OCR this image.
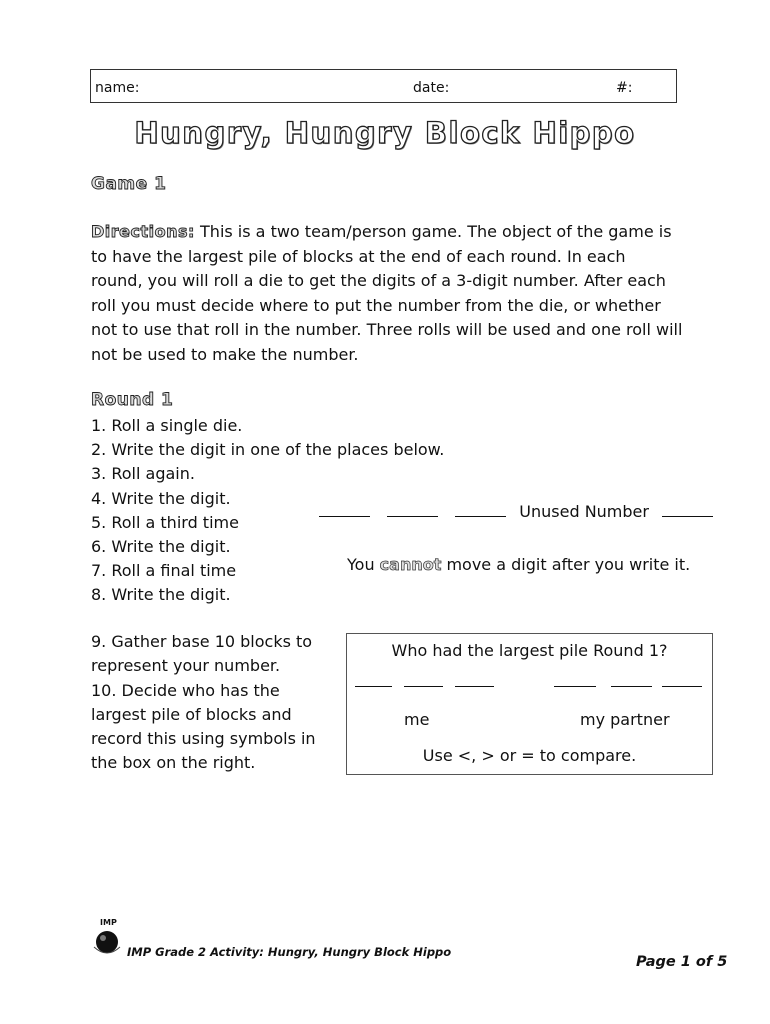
name:	date:	#:
Hungry, Hungry Block Hippo
Game 1

Directions: This is a two team/person game. The object of the game is

to have the largest pile of blocks at the end of each round. In each

round, you will roll a die to get the digits of a 3-digit number. After each

roll you must decide where to put the number from the die, or whether

not to use that roll in the number. Three rolls will be used and one roll will

not be used to make the number.

Round 1
1. Roll a single die.
2. Write the digit in one of the places below.
3. Roll again.
4. Write the digit.
5. Roll a third time
6. Write the digit.
7. Roll a final time
8. Write the digit.
Unused Number
You cannot move a digit after you write it.
9. Gather base 10 blocks to
represent your number.
10. Decide who has the
largest pile of blocks and
record this using symbols in
the box on the right.
Who had the largest pile Round 1?
me	my partner
Use <, > or = to compare.
IMP
IMP Grade 2 Activity: Hungry, Hungry Block Hippo
Page 1 of 5
